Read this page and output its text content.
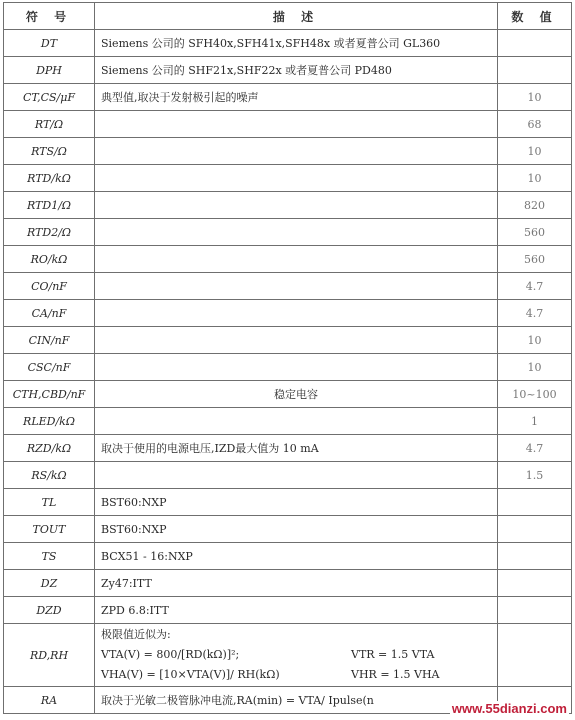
符 号	描 述	数 值
DT	Siemens 公司的 SFH40x,SFH41x,SFH48x 或者夏普公司 GL360	
DPH	Siemens 公司的 SHF21x,SHF22x 或者夏普公司 PD480	
CT,CS/μF	典型值,取决于发射极引起的噪声	10
RT/Ω		68
RTS/Ω		10
RTD/kΩ		10
RTD1/Ω		820
RTD2/Ω		560
RO/kΩ		560
CO/nF		4.7
CA/nF		4.7
CIN/nF		10
CSC/nF		10
CTH,CBD/nF	稳定电容	10~100
RLED/kΩ		1
RZD/kΩ	取决于使用的电源电压,IZD最大值为 10 mA	4.7
RS/kΩ		1.5
TL	BST60:NXP	
TOUT	BST60:NXP	
TS	BCX51 - 16:NXP	
DZ	Zy47:ITT	
DZD	ZPD 6.8:ITT	
RD,RH	极限值近似为:
VTA(V) = 800/[RD(kΩ)]²; VTR = 1.5 VTA
VHA(V) = [10×VTA(V)]/ RH(kΩ) VHR = 1.5 VHA	

RA	取决于光敏二极管脉冲电流,RA(min) = VTA/ Ipulse(n	
www.55dianzi.com
